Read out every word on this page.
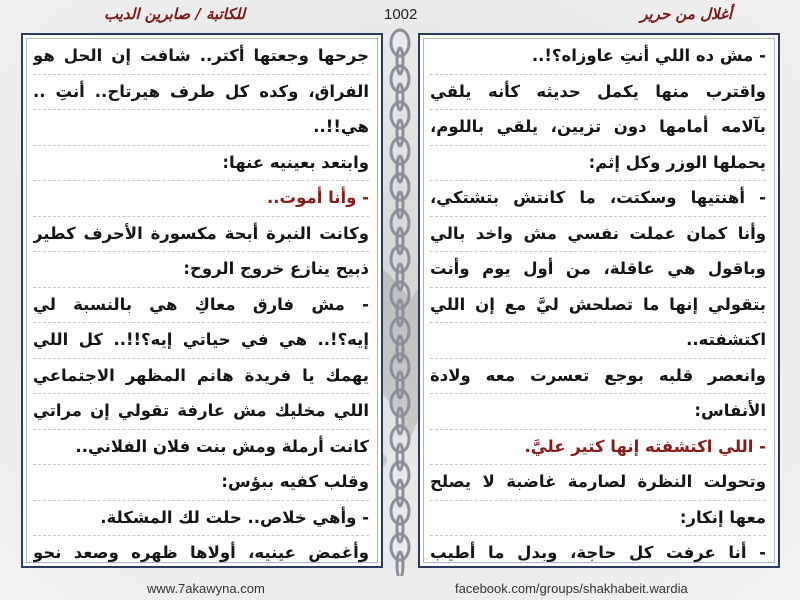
للكاتبة / صابرين الديب	1002	أغلال من حرير
جرحها وجعتها أكتر.. شافت إن الحل هو
الفراق، وكده كل طرف هيرتاح.. أنتِ ..
هي!!..
وابتعد بعينيه عنها:
- وأنا أموت..
وكانت النبرة أبحة مكسورة الأحرف كطير
ذبيح ينازع خروج الروح:
- مش فارق معاكِ هي بالنسبة لي
إيه؟!.. هي في حياتي إيه؟!!.. كل اللي
يهمك يا فريدة هانم المظهر الاجتماعي
اللي مخليك مش عارفة تقولي إن مراتي
كانت أرملة ومش بنت فلان الفلاني..
وقلب كفيه ببؤس:
- وأهي خلاص.. حلت لك المشكلة.
وأغمض عينيه، أولاها ظهره وصعد نحو
- مش ده اللي أنتِ عاوزاه؟!..
واقترب منها يكمل حديثه كأنه يلقي
بآلامه أمامها دون تزيين، يلقي باللوم،
يحملها الوزر وكل إثم:
- أهنتيها وسكتت، ما كانتش بتشتكي،
وأنا كمان عملت نفسي مش واخد بالي
وباقول هي عاقلة، من أول يوم وأنت
بتقولي إنها ما تصلحش ليَّ مع إن اللي
اكتشفته..
وانعصر قلبه بوجع تعسرت معه ولادة
الأنفاس:
- اللي اكتشفته إنها كتير عليَّ.
وتحولت النظرة لصارمة غاضبة لا يصلح
معها إنكار:
- أنا عرفت كل حاجة، وبدل ما أطيب
www.7akawyna.com	facebook.com/groups/shakhabeit.wardia
